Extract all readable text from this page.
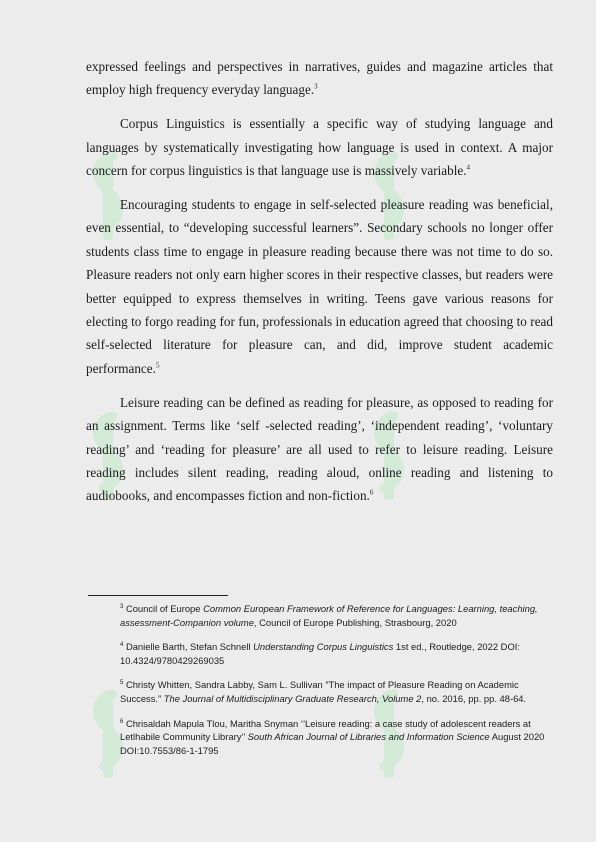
expressed feelings and perspectives in narratives, guides and magazine articles that employ high frequency everyday language.$^3$

Corpus Linguistics is essentially a specific way of studying language and languages by systematically investigating how language is used in context. A major concern for corpus linguistics is that language use is massively variable.$^4$

Encouraging students to engage in self-selected pleasure reading was beneficial, even essential, to “developing successful learners”. Secondary schools no longer offer students class time to engage in pleasure reading because there was not time to do so. Pleasure readers not only earn higher scores in their respective classes, but readers were better equipped to express themselves in writing. Teens gave various reasons for electing to forgo reading for fun, professionals in education agreed that choosing to read self-selected literature for pleasure can, and did, improve student academic performance.$^5$

Leisure reading can be defined as reading for pleasure, as opposed to reading for an assignment. Terms like ‘self -selected reading’, ‘independent reading’, ‘voluntary reading’ and ‘reading for pleasure’ are all used to refer to leisure reading. Leisure reading includes silent reading, reading aloud, online reading and listening to audiobooks, and encompasses fiction and non-fiction.$^6$

$^3$ Council of Europe Common European Framework of Reference for Languages: Learning, teaching, assessment-Companion volume, Council of Europe Publishing, Strasbourg, 2020
$^4$ Danielle Barth, Stefan Schnell Understanding Corpus Linguistics 1st ed., Routledge, 2022 DOI: 10.4324/9780429269035
$^5$ Christy Whitten, Sandra Labby, Sam L. Sullivan ”The impact of Pleasure Reading on Academic Success.” The Journal of Multidisciplinary Graduate Research, Volume 2, no. 2016, pp. pp. 48-64.
$^6$ Chrisaldah Mapula Tlou, Maritha Snyman ‘’Leisure reading: a case study of adolescent readers at Letlhabile Community Library’’ South African Journal of Libraries and Information Science August 2020 DOI:10.7553/86-1-1795
